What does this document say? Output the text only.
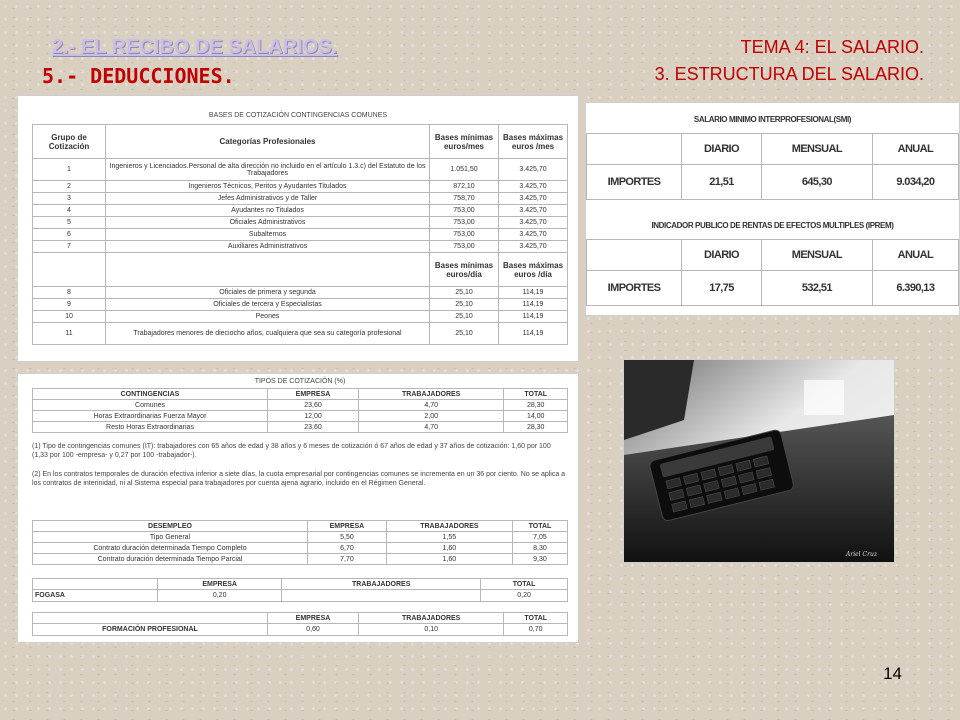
2.- EL RECIBO DE SALARIOS.
5.- DEDUCCIONES.
TEMA 4: EL SALARIO.
3. ESTRUCTURA DEL SALARIO.
BASES DE COTIZACIÓN CONTINGENCIAS COMUNES
Grupo de Cotización	Categorías Profesionales	Bases mínimas euros/mes	Bases máximas euros /mes
1	Ingenieros y Licenciados.Personal de alta dirección no incluido en el artículo 1.3.c) del Estatuto de los Trabajadores	1.051,50	3.425,70
2	Ingenieros Técnicos, Peritos y Ayudantes Titulados	872,10	3.425,70
3	Jefes Administrativos y de Taller	758,70	3.425,70
4	Ayudantes no Titulados	753,00	3.425,70
5	Oficiales Administrativos	753,00	3.425,70
6	Subalternos	753,00	3.425,70
7	Auxiliares Administrativos	753,00	3.425,70
		Bases mínimas euros/día	Bases máximas euros /día
8	Oficiales de primera y segunda	25,10	114,19
9	Oficiales de tercera y Especialistas	25,10	114,19
10	Peones	25,10	114,19
11	Trabajadores menores de dieciocho años, cualquiera que sea su categoría profesional	25,10	114,19
TIPOS DE COTIZACIÓN (%)
CONTINGENCIAS	EMPRESA	TRABAJADORES	TOTAL
Comunes	23,60	4,70	28,30
Horas Extraordinarias Fuerza Mayor	12,00	2,00	14,00
Resto Horas Extraordinarias	23,60	4,70	28,30
(1) Tipo de contingencias comunes (IT): trabajadores con 65 años de edad y 38 años y 6 meses de cotización ó 67 años de edad y 37 años de cotización: 1,60 por 100 (1,33 por 100 -empresa- y 0,27 por 100 -trabajador-).
(2) En los contratos temporales de duración efectiva inferior a siete días, la cuota empresarial por contingencias comunes se incrementa en un 36 por ciento. No se aplica a los contratos de interinidad, ni al Sistema especial para trabajadores por cuenta ajena agrario, incluido en el Régimen General.
DESEMPLEO	EMPRESA	TRABAJADORES	TOTAL
Tipo General	5,50	1,55	7,05
Contrato duración determinada Tiempo Completo	6,70	1,60	8,30
Contrato duración determinada Tiempo Parcial	7,70	1,60	9,30
	EMPRESA	TRABAJADORES	TOTAL
FOGASA	0,20		0,20
	EMPRESA	TRABAJADORES	TOTAL
FORMACIÓN PROFESIONAL	0,60	0,10	0,70
SALARIO MINIMO INTERPROFESIONAL(SMI)
	DIARIO	MENSUAL	ANUAL
IMPORTES	21,51	645,30	9.034,20
INDICADOR PUBLICO DE RENTAS DE EFECTOS MULTIPLES (IPREM)
	DIARIO	MENSUAL	ANUAL
IMPORTES	17,75	532,51	6.390,13
Ariel Cruz
14
